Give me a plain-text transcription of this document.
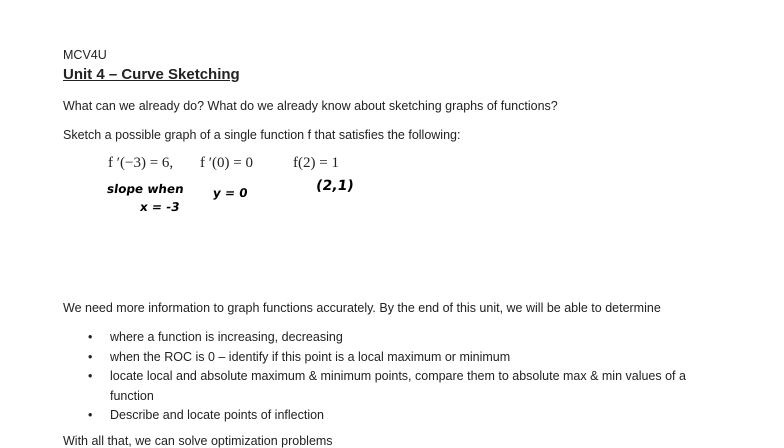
MCV4U
Unit 4 – Curve Sketching
What can we already do? What do we already know about sketching graphs of functions?
Sketch a possible graph of a single function f that satisfies the following:
f ′(−3) = 6, f ′(0) = 0	f(2) = 1
slope when
x = -3
y = 0	(2,1)
We need more information to graph functions accurately. By the end of this unit, we will be able to determine
• where a function is increasing, decreasing
• when the ROC is 0 – identify if this point is a local maximum or minimum
• locate local and absolute maximum & minimum points, compare them to absolute max & min values of a function
• Describe and locate points of inflection
With all that, we can solve optimization problems
